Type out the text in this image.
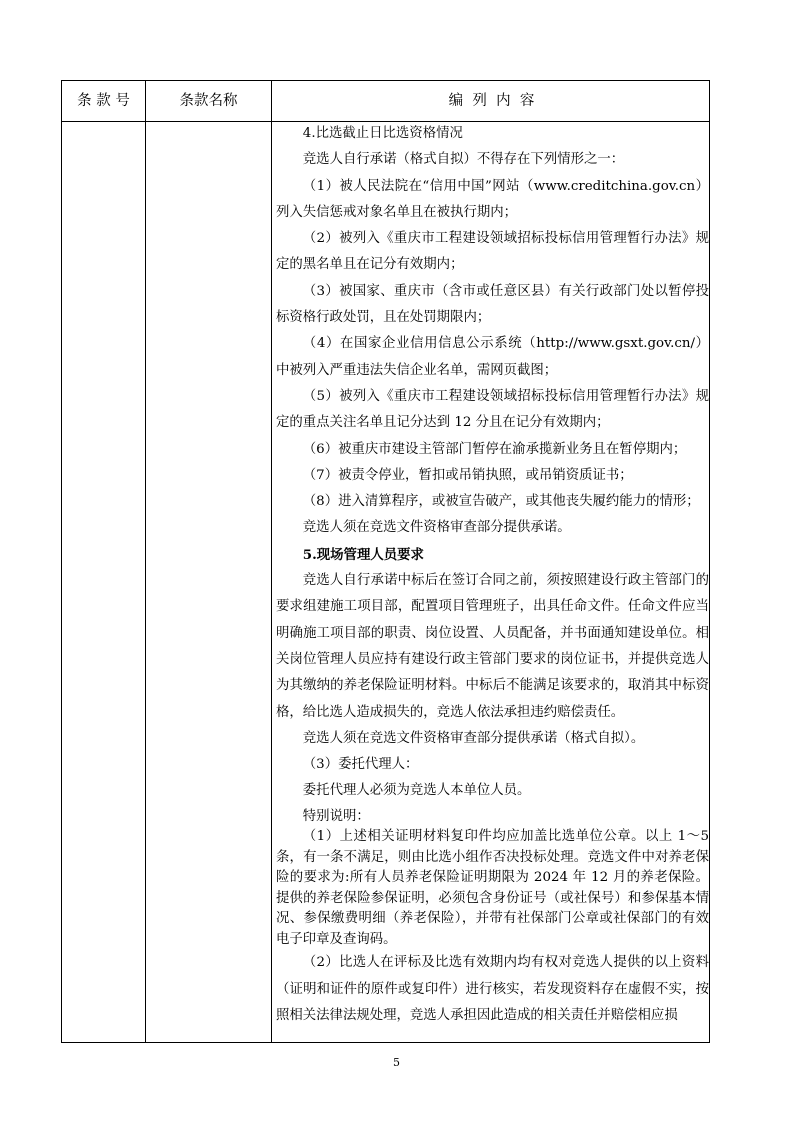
条 款 号	条款名称	编  列  内  容

4.比选截止日比选资格情况

竞选人自行承诺（格式自拟）不得存在下列情形之一：

（1）被人民法院在“信用中国”网站（www.creditchina.gov.cn）列入失信惩戒对象名单且在被执行期内；

（2）被列入《重庆市工程建设领域招标投标信用管理暂行办法》规定的黑名单且在记分有效期内；

（3）被国家、重庆市（含市或任意区县）有关行政部门处以暂停投标资格行政处罚，且在处罚期限内；

（4）在国家企业信用信息公示系统（http://www.gsxt.gov.cn/）中被列入严重违法失信企业名单，需网页截图；

（5）被列入《重庆市工程建设领域招标投标信用管理暂行办法》规定的重点关注名单且记分达到 12 分且在记分有效期内；

（6）被重庆市建设主管部门暂停在渝承揽新业务且在暂停期内；

（7）被责令停业，暂扣或吊销执照，或吊销资质证书；

（8）进入清算程序，或被宣告破产，或其他丧失履约能力的情形；

竞选人须在竞选文件资格审查部分提供承诺。

5.现场管理人员要求

竞选人自行承诺中标后在签订合同之前，须按照建设行政主管部门的要求组建施工项目部，配置项目管理班子，出具任命文件。任命文件应当明确施工项目部的职责、岗位设置、人员配备，并书面通知建设单位。相关岗位管理人员应持有建设行政主管部门要求的岗位证书，并提供竞选人为其缴纳的养老保险证明材料。中标后不能满足该要求的，取消其中标资格，给比选人造成损失的，竞选人依法承担违约赔偿责任。

竞选人须在竞选文件资格审查部分提供承诺（格式自拟）。

（3）委托代理人：

委托代理人必须为竞选人本单位人员。

特别说明：

（1）上述相关证明材料复印件均应加盖比选单位公章。以上 1～5 条，有一条不满足，则由比选小组作否决投标处理。竞选文件中对养老保险的要求为:所有人员养老保险证明期限为 2024 年 12 月的养老保险。提供的养老保险参保证明，必须包含身份证号（或社保号）和参保基本情况、参保缴费明细（养老保险），并带有社保部门公章或社保部门的有效电子印章及查询码。

（2）比选人在评标及比选有效期内均有权对竞选人提供的以上资料（证明和证件的原件或复印件）进行核实，若发现资料存在虚假不实，按照相关法律法规处理，竞选人承担因此造成的相关责任并赔偿相应损

5
